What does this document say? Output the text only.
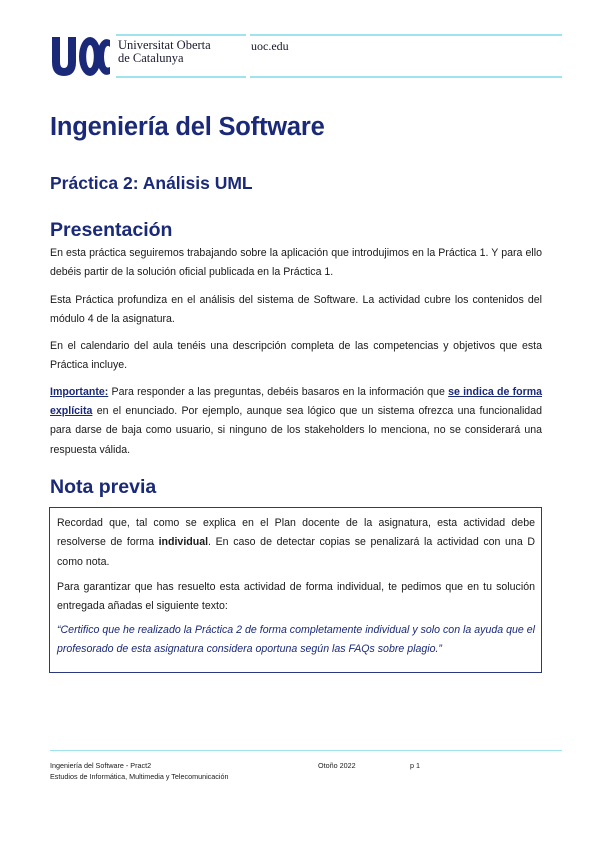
Universitat Oberta
de Catalunya
uoc.edu
Ingeniería del Software
Práctica 2: Análisis UML
Presentación

En esta práctica seguiremos trabajando sobre la aplicación que introdujimos en la Práctica 1. Y para ello debéis partir de la solución oficial publicada en la Práctica 1.

Esta Práctica profundiza en el análisis del sistema de Software. La actividad cubre los contenidos del módulo 4 de la asignatura.

En el calendario del aula tenéis una descripción completa de las competencias y objetivos que esta Práctica incluye.

Importante: Para responder a las preguntas, debéis basaros en la información que se indica de forma explícita en el enunciado. Por ejemplo, aunque sea lógico que un sistema ofrezca una funcionalidad para darse de baja como usuario, si ninguno de los stakeholders lo menciona, no se considerará una respuesta válida.

Nota previa

Recordad que, tal como se explica en el Plan docente de la asignatura, esta actividad debe resolverse de forma individual. En caso de detectar copias se penalizará la actividad con una D como nota.

Para garantizar que has resuelto esta actividad de forma individual, te pedimos que en tu solución entregada añadas el siguiente texto:

“Certifico que he realizado la Práctica 2 de forma completamente individual y solo con la ayuda que el profesorado de esta asignatura considera oportuna según las FAQs sobre plagio.”

Ingeniería del Software - Pract2
Estudios de Informática, Multimedia y Telecomunicación
Otoño 2022	p 1
